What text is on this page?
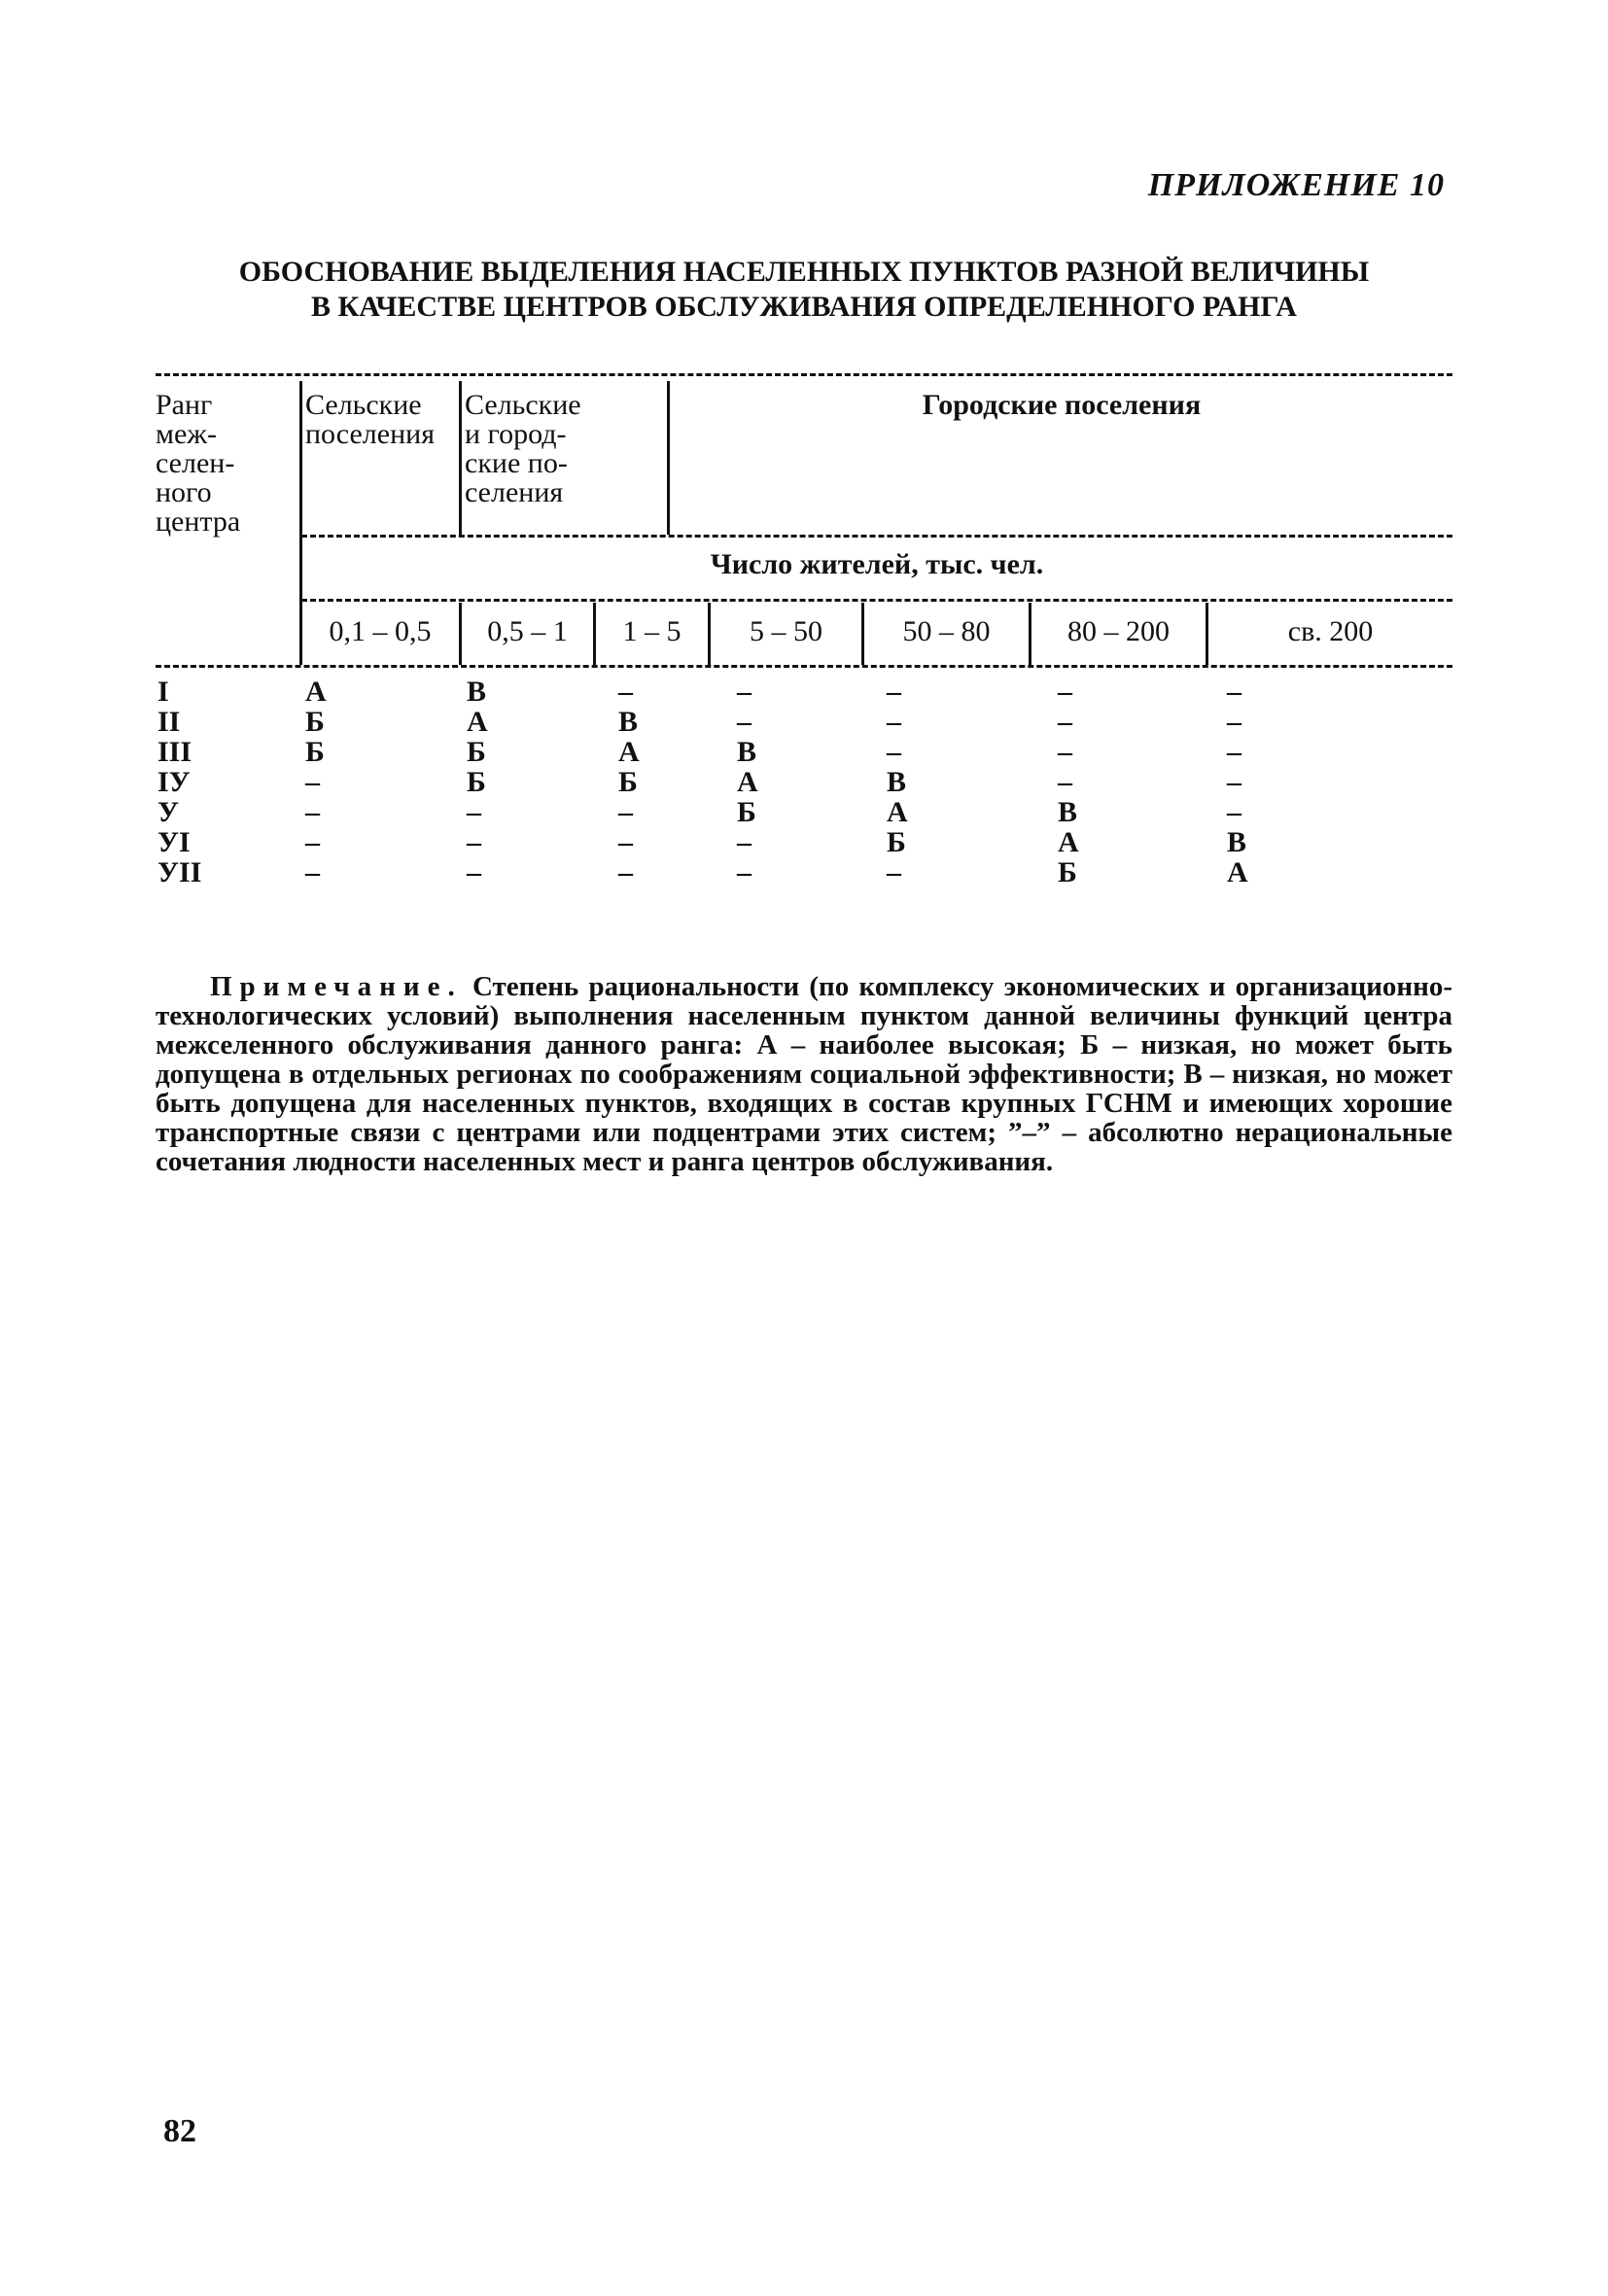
ПРИЛОЖЕНИЕ 10
ОБОСНОВАНИЕ ВЫДЕЛЕНИЯ НАСЕЛЕННЫХ ПУНКТОВ РАЗНОЙ ВЕЛИЧИНЫ
В КАЧЕСТВЕ ЦЕНТРОВ ОБСЛУЖИВАНИЯ ОПРЕДЕЛЕННОГО РАНГА
Ранг
меж-
селен-
ного
центра
Сельские
поселения
Сельские
и город-
ские по-
селения
Городские поселения
Число жителей, тыс. чел.
0,1 – 0,5	0,5 – 1	1 – 5	5 – 50	50 – 80	80 – 200	св. 200
I	А	В	–	–	–	–	–
II	Б	А	В	–	–	–	–
III	Б	Б	А	В	–	–	–
IУ	–	Б	Б	А	В	–	–
У	–	–	–	Б	А	В	–
УI	–	–	–	–	Б	А	В
УII	–	–	–	–	–	Б	А

Примечание. Степень рациональности (по комплексу экономических и организационно-технологических условий) выполнения населенным пунктом данной величины функций центра межселенного обслуживания данного ранга: А – наиболее высокая; Б – низкая, но может быть допущена в отдельных регионах по соображениям социальной эффективности; В – низкая, но может быть допущена для населенных пунктов, входящих в состав крупных ГСНМ и имеющих хорошие транспортные связи с центрами или подцентрами этих систем; ”–” – абсолютно нерациональные сочетания людности населенных мест и ранга центров обслуживания.

82
